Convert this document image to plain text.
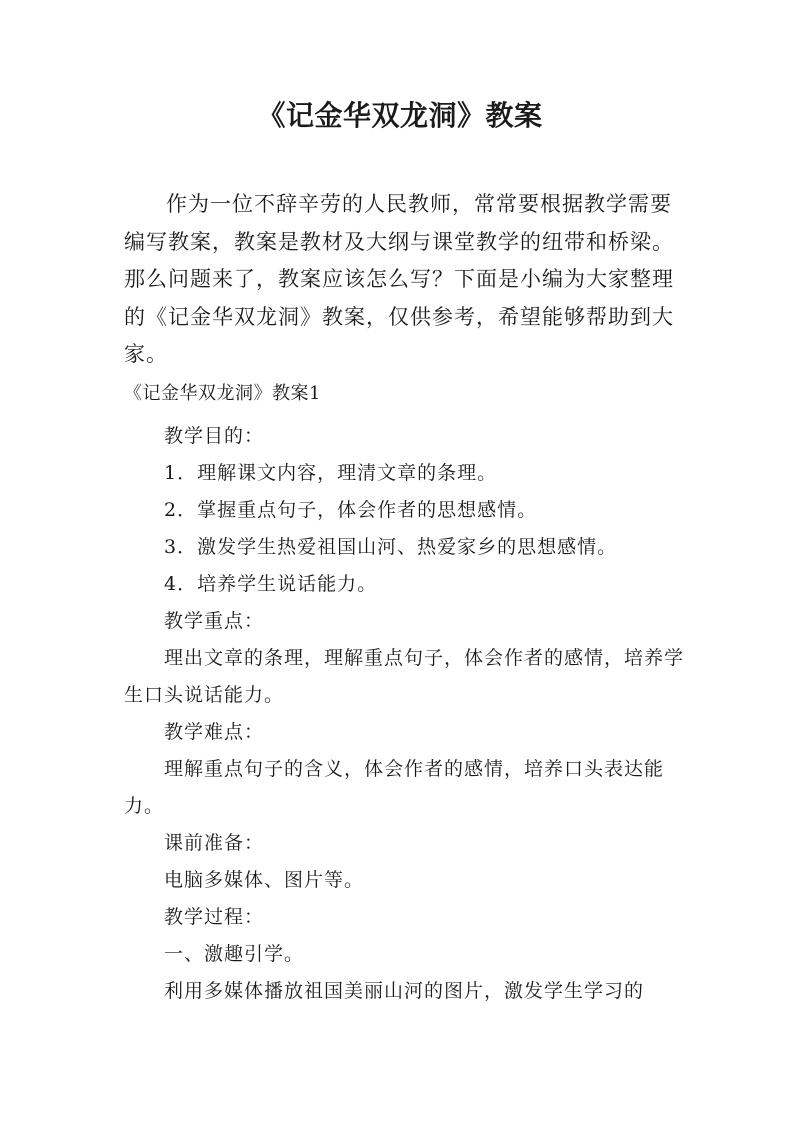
《记金华双龙洞》教案

作为一位不辞辛劳的人民教师，常常要根据教学需要编写教案，教案是教材及大纲与课堂教学的纽带和桥梁。那么问题来了，教案应该怎么写？下面是小编为大家整理的《记金华双龙洞》教案，仅供参考，希望能够帮助到大家。

《记金华双龙洞》教案1

教学目的：

1．理解课文内容，理清文章的条理。

2．掌握重点句子，体会作者的思想感情。

3．激发学生热爱祖国山河、热爱家乡的思想感情。

4．培养学生说话能力。

教学重点：

理出文章的条理，理解重点句子，体会作者的感情，培养学生口头说话能力。

教学难点：

理解重点句子的含义，体会作者的感情，培养口头表达能力。

课前准备：

电脑多媒体、图片等。

教学过程：

一、激趣引学。

利用多媒体播放祖国美丽山河的图片，激发学生学习的
